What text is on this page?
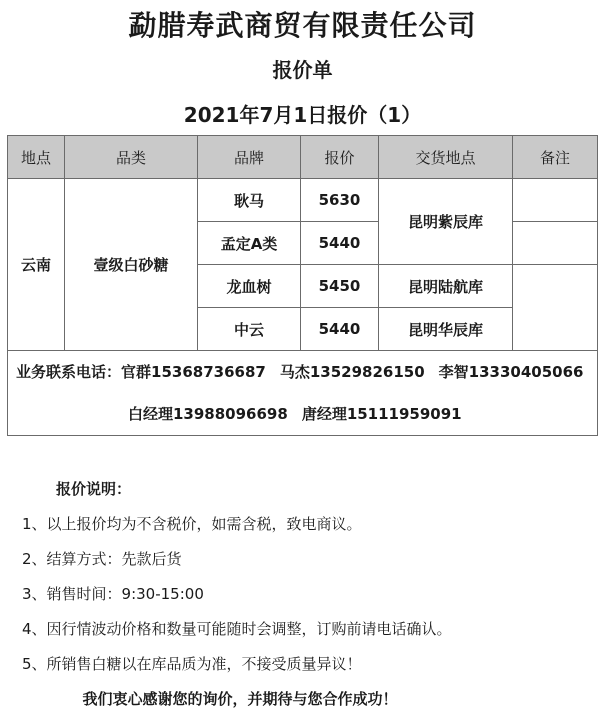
勐腊寿武商贸有限责任公司
报价单
2021年7月1日报价（1）
地点	品类	品牌	报价	交货地点	备注
云南	壹级白砂糖	耿马	5630	昆明紫辰库	
		孟定A类	5440		
		龙血树	5450	昆明陆航库	
		中云	5440	昆明华辰库	

业务联系电话：官群15368736687 马杰13529826150 李智13330405066
白经理13988096698 唐经理15111959091					
报价说明：
1、以上报价均为不含税价，如需含税，致电商议。
2、结算方式：先款后货
3、销售时间：9:30-15:00
4、因行情波动价格和数量可能随时会调整，订购前请电话确认。
5、所销售白糖以在库品质为准，不接受质量异议！
我们衷心感谢您的询价，并期待与您合作成功！
